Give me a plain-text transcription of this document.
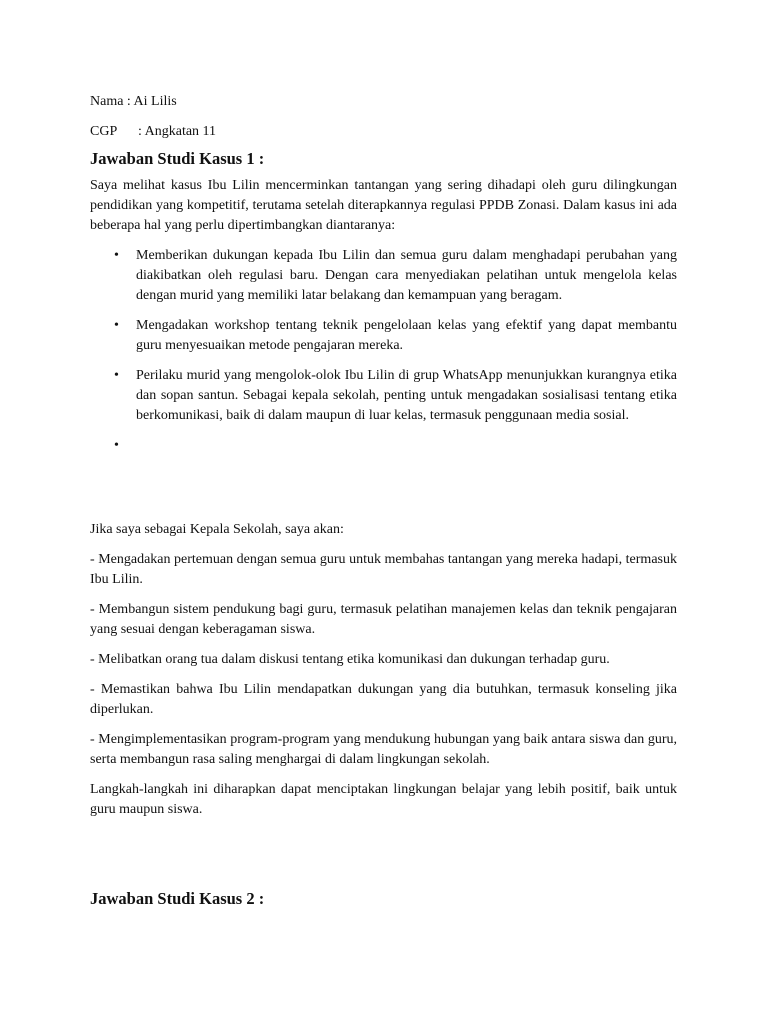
Nama : Ai Lilis

CGP : Angkatan 11

Jawaban Studi Kasus 1 :

Saya melihat kasus Ibu Lilin mencerminkan tantangan yang sering dihadapi oleh guru dilingkungan pendidikan yang kompetitif, terutama setelah diterapkannya regulasi PPDB Zonasi. Dalam kasus ini ada beberapa hal yang perlu dipertimbangkan diantaranya:

• Memberikan dukungan kepada Ibu Lilin dan semua guru dalam menghadapi perubahan yang diakibatkan oleh regulasi baru. Dengan cara menyediakan pelatihan untuk mengelola kelas dengan murid yang memiliki latar belakang dan kemampuan yang beragam.
• Mengadakan workshop tentang teknik pengelolaan kelas yang efektif yang dapat membantu guru menyesuaikan metode pengajaran mereka.
• Perilaku murid yang mengolok-olok Ibu Lilin di grup WhatsApp menunjukkan kurangnya etika dan sopan santun. Sebagai kepala sekolah, penting untuk mengadakan sosialisasi tentang etika berkomunikasi, baik di dalam maupun di luar kelas, termasuk penggunaan media sosial.
•

Jika saya sebagai Kepala Sekolah, saya akan:

- Mengadakan pertemuan dengan semua guru untuk membahas tantangan yang mereka hadapi, termasuk Ibu Lilin.

- Membangun sistem pendukung bagi guru, termasuk pelatihan manajemen kelas dan teknik pengajaran yang sesuai dengan keberagaman siswa.

- Melibatkan orang tua dalam diskusi tentang etika komunikasi dan dukungan terhadap guru.

- Memastikan bahwa Ibu Lilin mendapatkan dukungan yang dia butuhkan, termasuk konseling jika diperlukan.

- Mengimplementasikan program-program yang mendukung hubungan yang baik antara siswa dan guru, serta membangun rasa saling menghargai di dalam lingkungan sekolah.

Langkah-langkah ini diharapkan dapat menciptakan lingkungan belajar yang lebih positif, baik untuk guru maupun siswa.

Jawaban Studi Kasus 2 :
